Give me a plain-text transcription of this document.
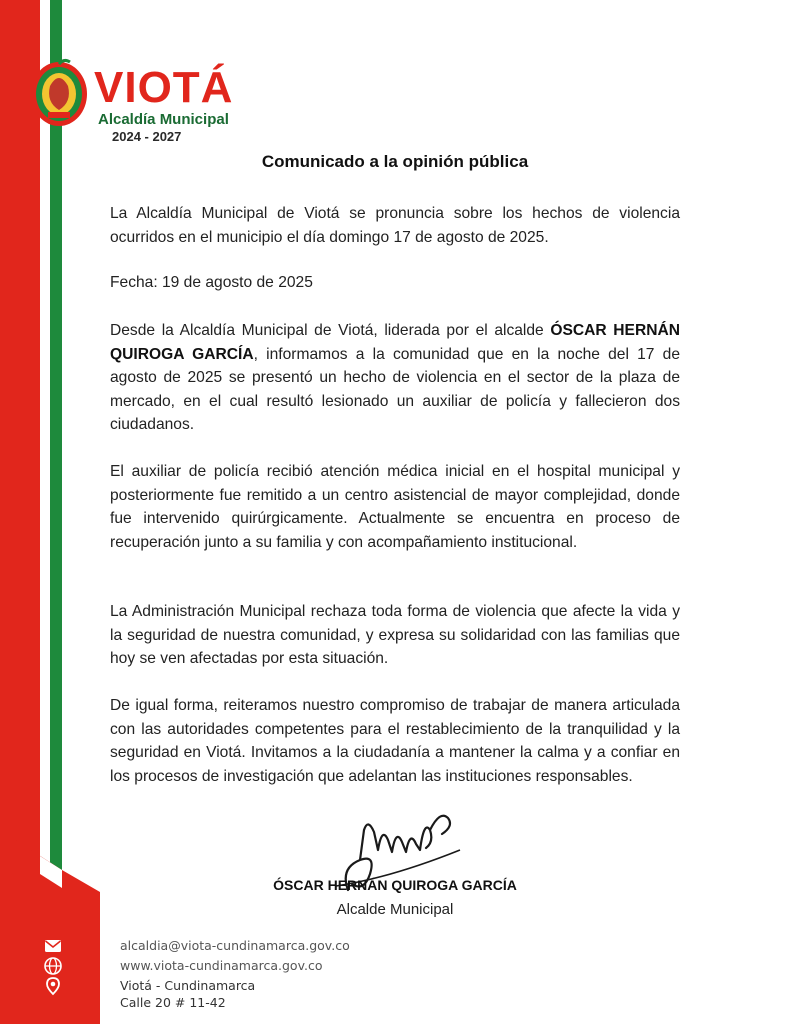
VIOTÁ
Alcaldía Municipal
2024 - 2027
Comunicado a la opinión pública
La Alcaldía Municipal de Viotá se pronuncia sobre los hechos de violencia ocurridos en el municipio el día domingo 17 de agosto de 2025.
Fecha: 19 de agosto de 2025
Desde la Alcaldía Municipal de Viotá, liderada por el alcalde ÓSCAR HERNÁN QUIROGA GARCÍA, informamos a la comunidad que en la noche del 17 de agosto de 2025 se presentó un hecho de violencia en el sector de la plaza de mercado, en el cual resultó lesionado un auxiliar de policía y fallecieron dos ciudadanos.
El auxiliar de policía recibió atención médica inicial en el hospital municipal y posteriormente fue remitido a un centro asistencial de mayor complejidad, donde fue intervenido quirúrgicamente. Actualmente se encuentra en proceso de recuperación junto a su familia y con acompañamiento institucional.
La Administración Municipal rechaza toda forma de violencia que afecte la vida y la seguridad de nuestra comunidad, y expresa su solidaridad con las familias que hoy se ven afectadas por esta situación.
De igual forma, reiteramos nuestro compromiso de trabajar de manera articulada con las autoridades competentes para el restablecimiento de la tranquilidad y la seguridad en Viotá. Invitamos a la ciudadanía a mantener la calma y a confiar en los procesos de investigación que adelantan las instituciones responsables.
ÓSCAR HERNÁN QUIROGA GARCÍA
Alcalde Municipal
alcaldia@viota-cundinamarca.gov.co
www.viota-cundinamarca.gov.co
Viotá - Cundinamarca
Calle 20 # 11-42
